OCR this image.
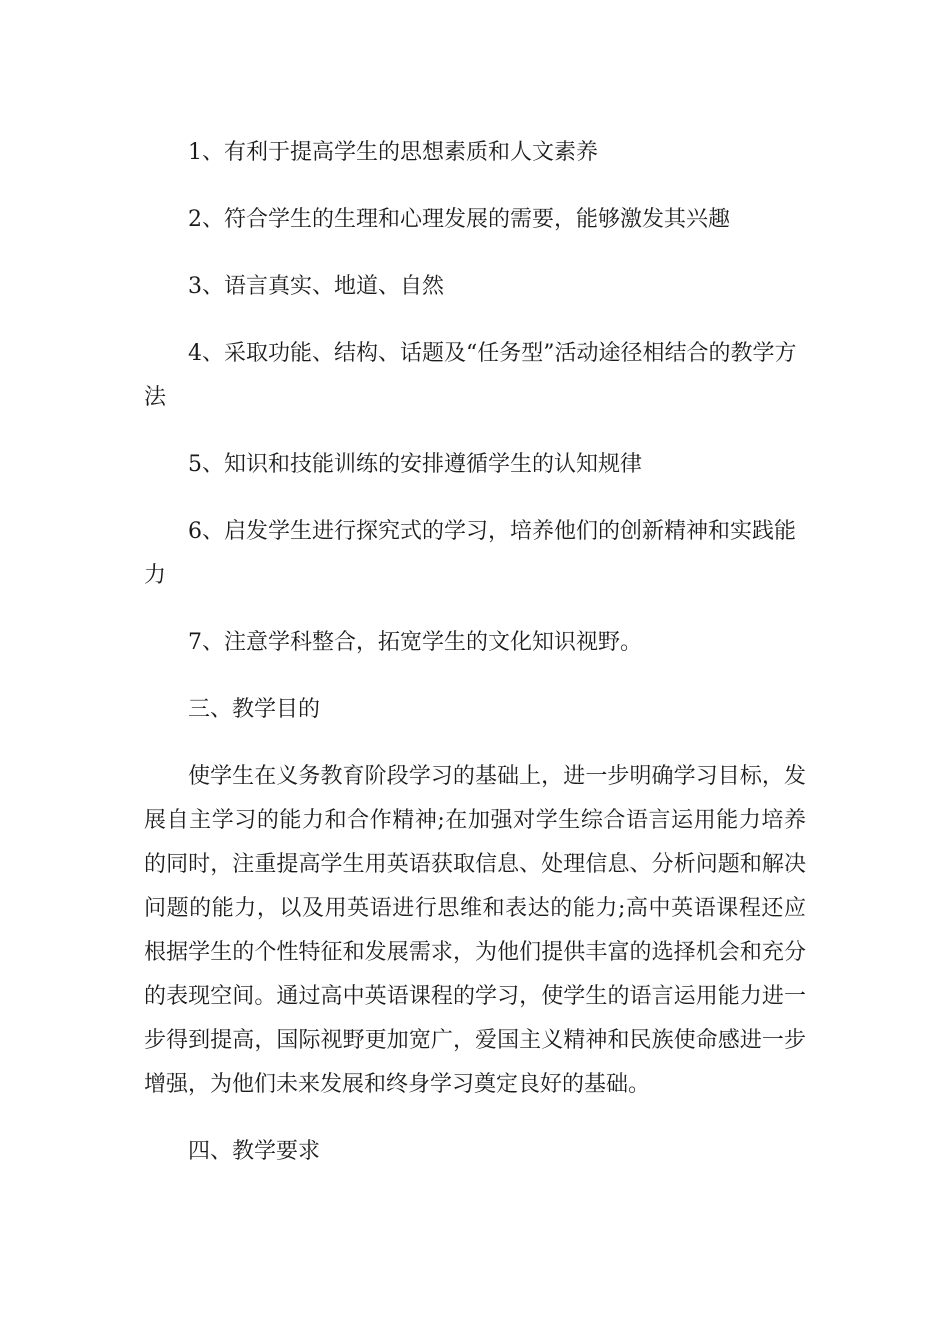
1、有利于提高学生的思想素质和人文素养

2、符合学生的生理和心理发展的需要，能够激发其兴趣

3、语言真实、地道、自然

4、采取功能、结构、话题及“任务型”活动途径相结合的教学方法

5、知识和技能训练的安排遵循学生的认知规律

6、启发学生进行探究式的学习，培养他们的创新精神和实践能力

7、注意学科整合，拓宽学生的文化知识视野。

三、教学目的

使学生在义务教育阶段学习的基础上，进一步明确学习目标，发展自主学习的能力和合作精神;在加强对学生综合语言运用能力培养的同时，注重提高学生用英语获取信息、处理信息、分析问题和解决问题的能力，以及用英语进行思维和表达的能力;高中英语课程还应根据学生的个性特征和发展需求，为他们提供丰富的选择机会和充分的表现空间。通过高中英语课程的学习，使学生的语言运用能力进一步得到提高，国际视野更加宽广，爱国主义精神和民族使命感进一步增强，为他们未来发展和终身学习奠定良好的基础。

四、教学要求
